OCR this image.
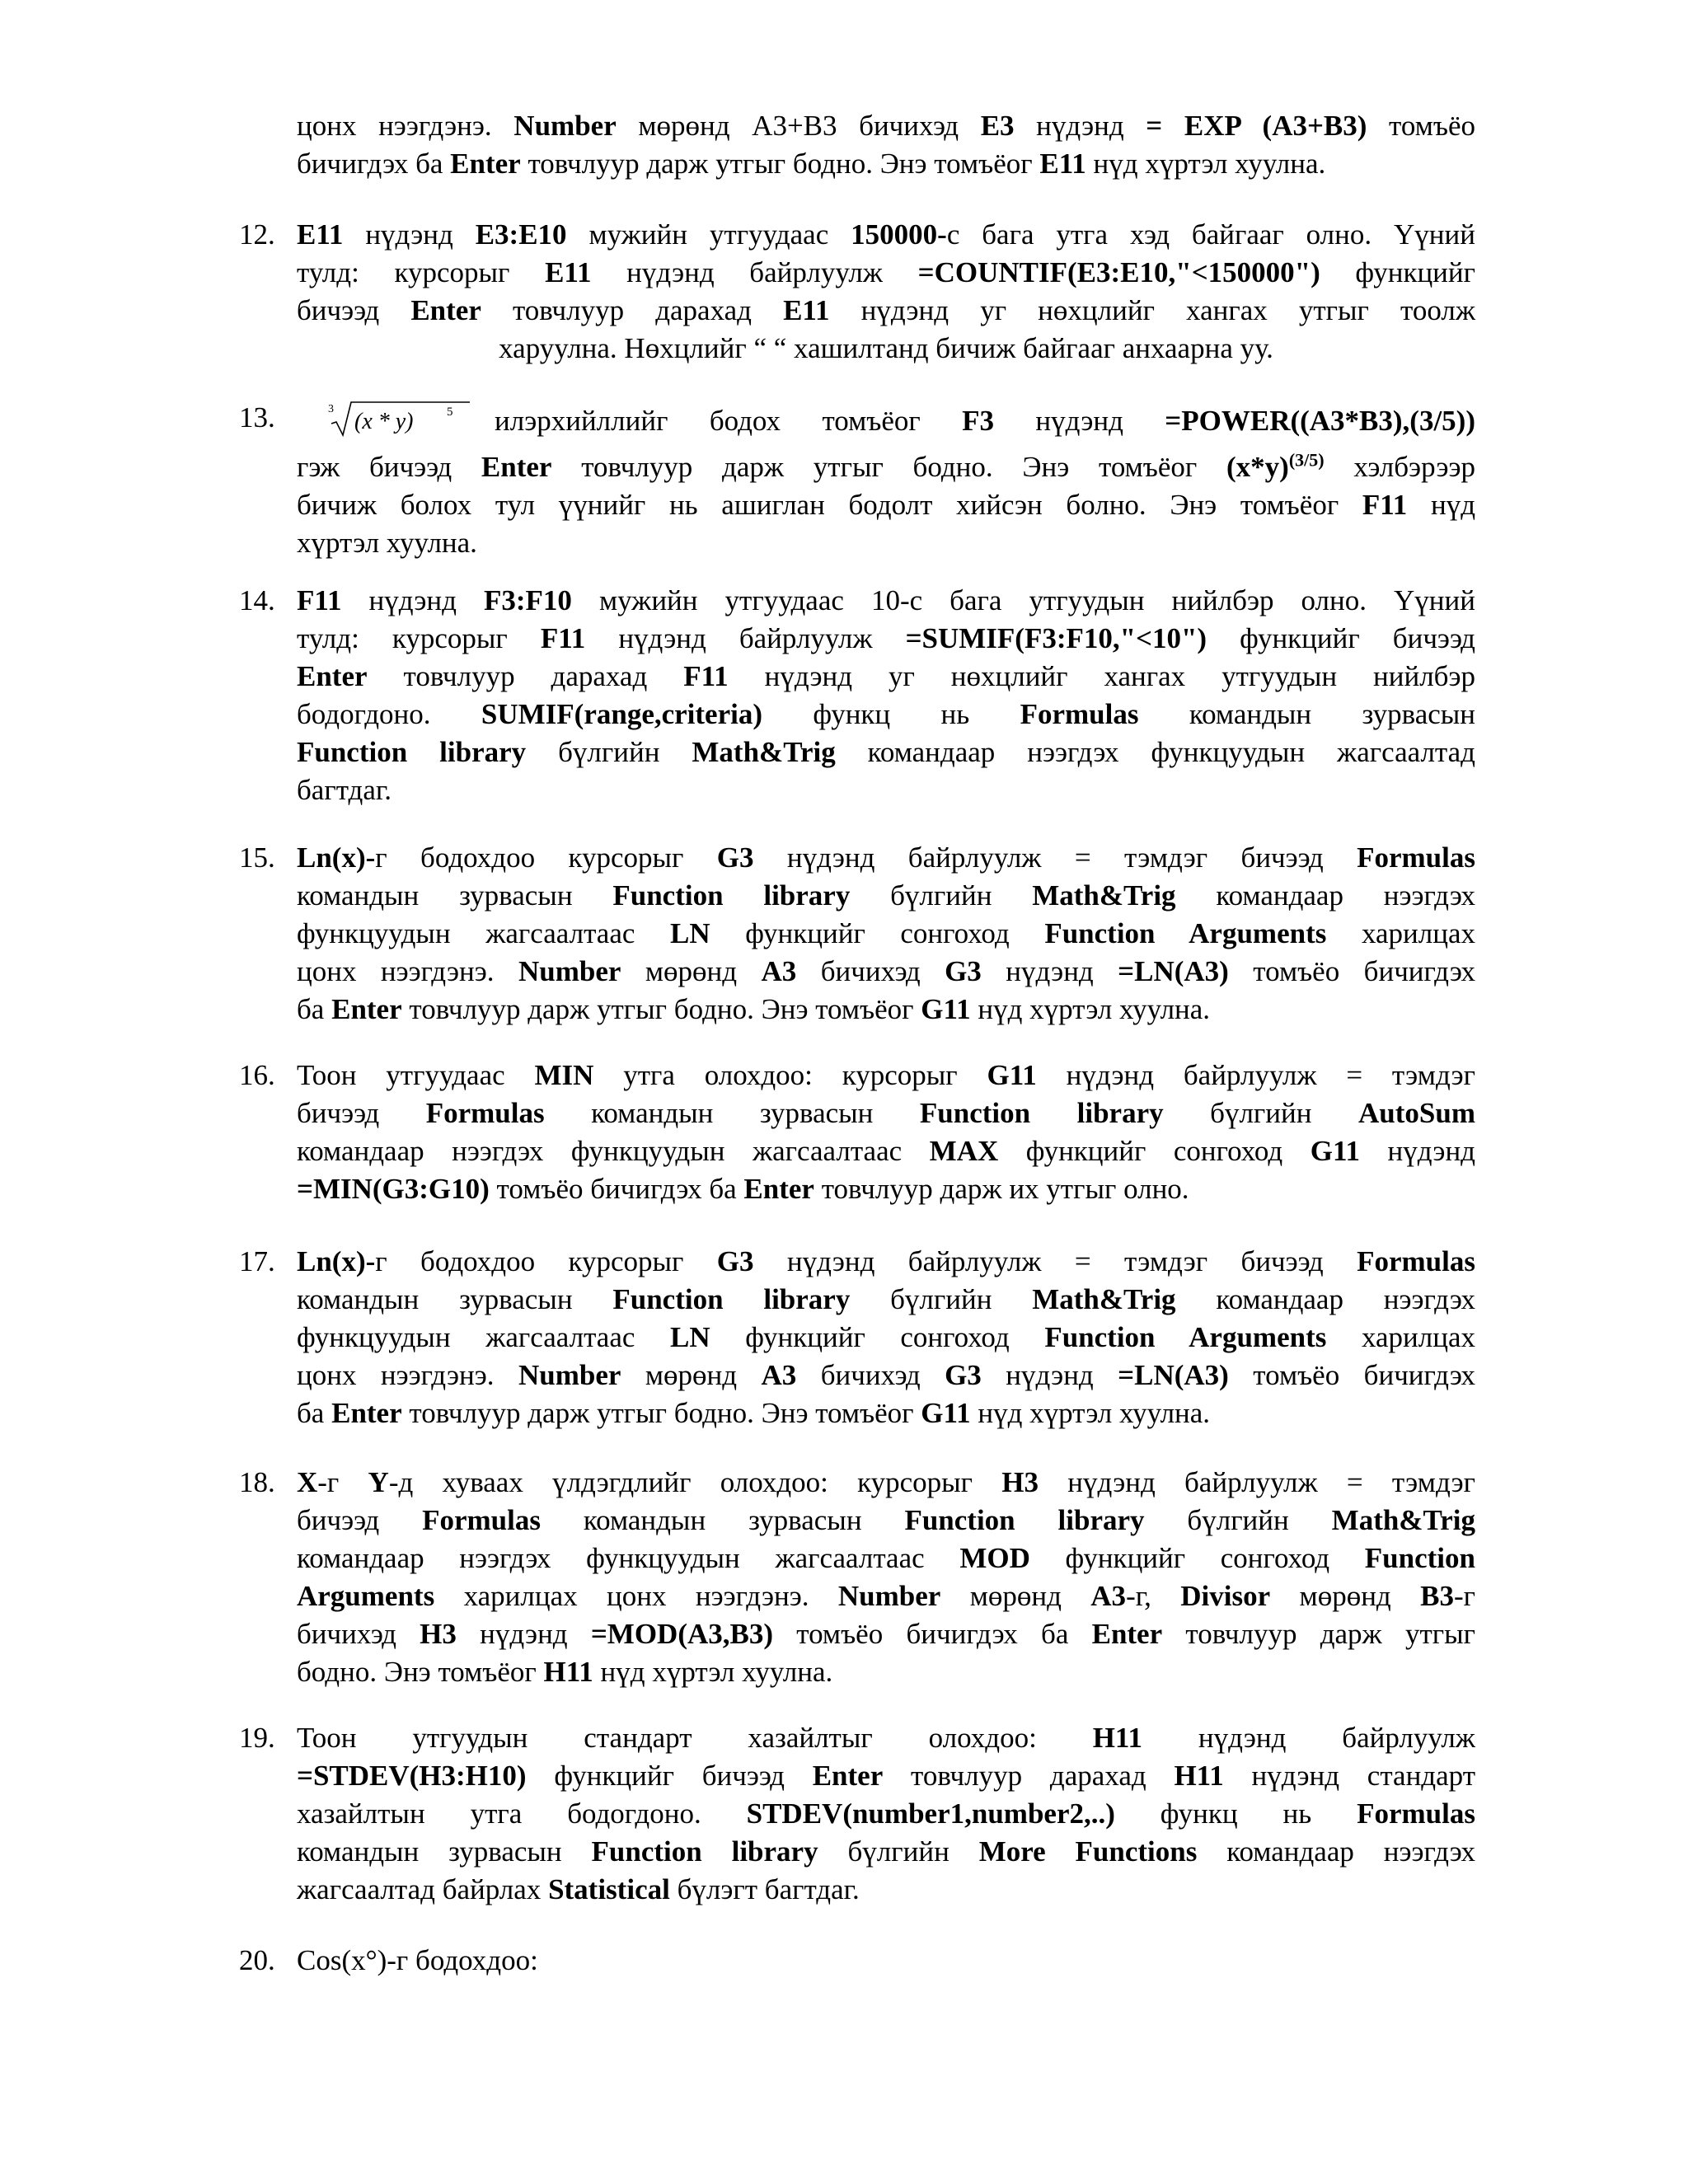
цонх нээгдэнэ. Number мөрөнд А3+В3 бичихэд E3 нүдэнд = EXP (A3+B3) томъёо
бичигдэх ба Enter товчлуур дарж утгыг бодно. Энэ томъёог E11 нүд хүртэл хуулна.
12. E11 нүдэнд E3:E10 мужийн утгуудаас 150000-с бага утга хэд байгааг олно. Үүний
тулд: курсорыг E11 нүдэнд байрлуулж =COUNTIF(E3:E10,"<150000") функцийг
бичээд Enter товчлуур дарахад E11 нүдэнд уг нөхцлийг хангах утгыг тоолж
харуулна. Нөхцлийг “ “ хашилтанд бичиж байгааг анхаарна уу.
13.	3 (x * y)	5 илэрхийллийг бодох томъёог F3 нүдэнд =POWER((A3*B3),(3/5))
гэж бичээд Enter товчлуур дарж утгыг бодно. Энэ томъёог $(x*y)^{(3/5)}$ хэлбэрээр
бичиж болох тул үүнийг нь ашиглан бодолт хийсэн болно. Энэ томъёог F11 нүд
хүртэл хуулна.
14. F11 нүдэнд F3:F10 мужийн утгуудаас 10-с бага утгуудын нийлбэр олно. Үүний
тулд: курсорыг F11 нүдэнд байрлуулж =SUMIF(F3:F10,"<10") функцийг бичээд
Enter товчлуур дарахад F11 нүдэнд уг нөхцлийг хангах утгуудын нийлбэр
бодогдоно. SUMIF(range,criteria) функц нь Formulas командын зурвасын
Function library бүлгийн Math&Trig командаар нээгдэх функцуудын жагсаалтад
багтдаг.
15. Ln(x)-г бодохдоо курсорыг G3 нүдэнд байрлуулж = тэмдэг бичээд Formulas
командын зурвасын Function library бүлгийн Math&Trig командаар нээгдэх
функцуудын жагсаалтаас LN функцийг сонгоход Function Arguments харилцах
цонх нээгдэнэ. Number мөрөнд A3 бичихэд G3 нүдэнд =LN(A3) томъёо бичигдэх
ба Enter товчлуур дарж утгыг бодно. Энэ томъёог G11 нүд хүртэл хуулна.
16. Тоон утгуудаас MIN утга олохдоо: курсорыг G11 нүдэнд байрлуулж = тэмдэг
бичээд Formulas командын зурвасын Function library бүлгийн AutoSum
командаар нээгдэх функцуудын жагсаалтаас MAX функцийг сонгоход G11 нүдэнд
=MIN(G3:G10) томъёо бичигдэх ба Enter товчлуур дарж их утгыг олно.
17. Ln(x)-г бодохдоо курсорыг G3 нүдэнд байрлуулж = тэмдэг бичээд Formulas
командын зурвасын Function library бүлгийн Math&Trig командаар нээгдэх
функцуудын жагсаалтаас LN функцийг сонгоход Function Arguments харилцах
цонх нээгдэнэ. Number мөрөнд A3 бичихэд G3 нүдэнд =LN(A3) томъёо бичигдэх
ба Enter товчлуур дарж утгыг бодно. Энэ томъёог G11 нүд хүртэл хуулна.
18. X-г Y-д хуваах үлдэгдлийг олохдоо: курсорыг H3 нүдэнд байрлуулж = тэмдэг
бичээд Formulas командын зурвасын Function library бүлгийн Math&Trig
командаар нээгдэх функцуудын жагсаалтаас MOD функцийг сонгоход Function
Arguments харилцах цонх нээгдэнэ. Number мөрөнд A3-г, Divisor мөрөнд B3-г
бичихэд H3 нүдэнд =MOD(A3,B3) томъёо бичигдэх ба Enter товчлуур дарж утгыг
бодно. Энэ томъёог H11 нүд хүртэл хуулна.
19. Тоон утгуудын стандарт хазайлтыг олохдоо: H11 нүдэнд байрлуулж
=STDEV(H3:H10) функцийг бичээд Enter товчлуур дарахад H11 нүдэнд стандарт
хазайлтын утга бодогдоно. STDEV(number1,number2,..) функц нь Formulas
командын зурвасын Function library бүлгийн More Functions командаар нээгдэх
жагсаалтад байрлах Statistical бүлэгт багтдаг.
20. Cos(x°)-г бодохдоо:
